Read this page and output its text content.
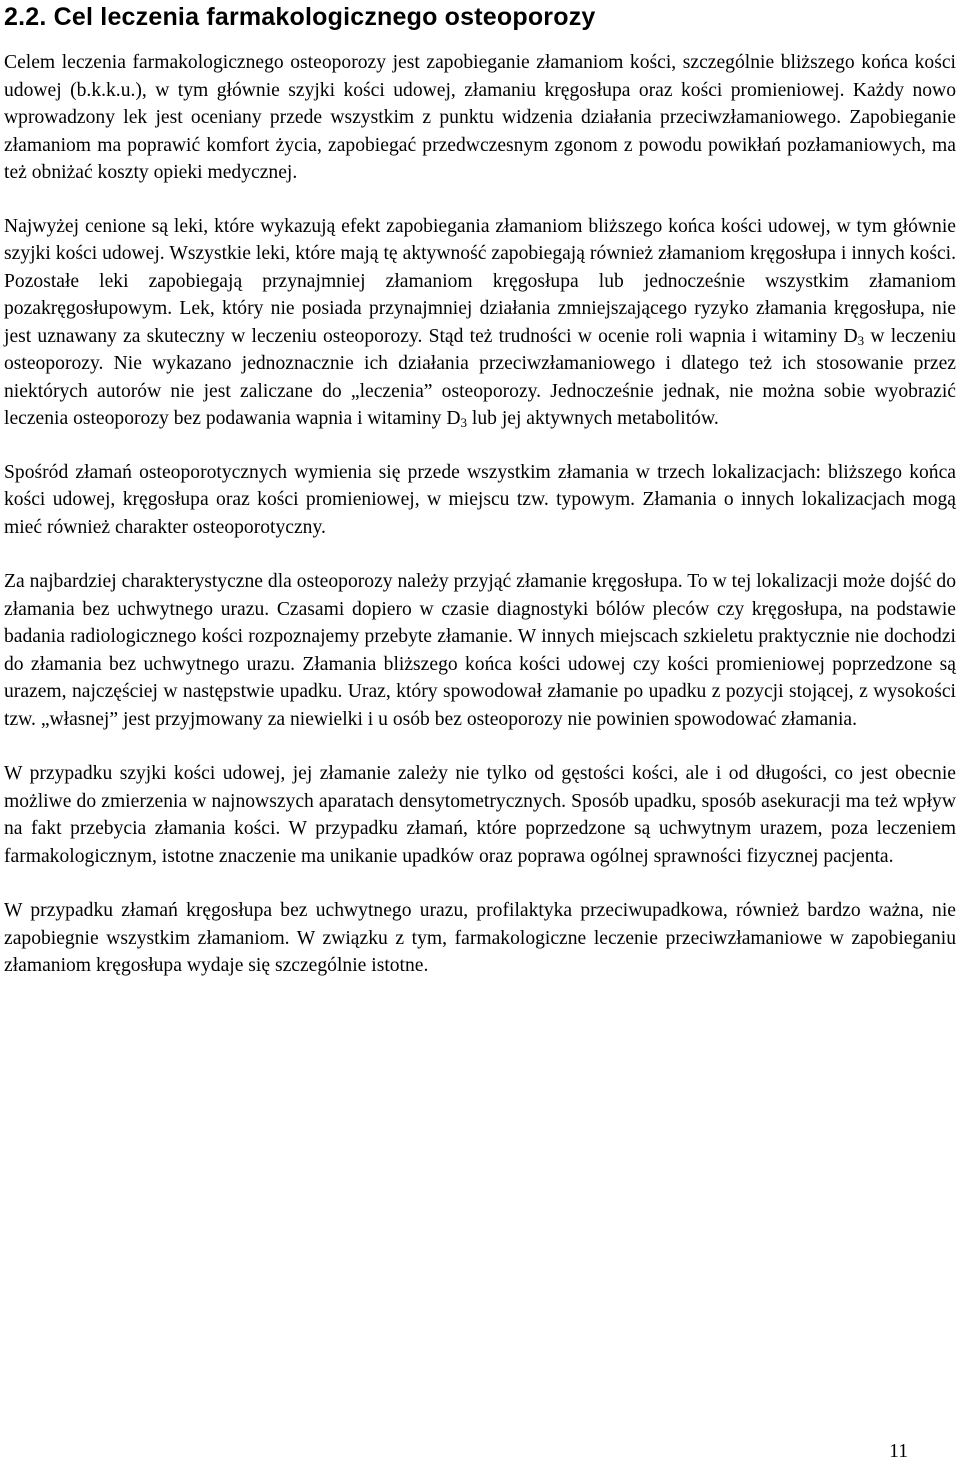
2.2. Cel leczenia farmakologicznego osteoporozy

Celem leczenia farmakologicznego osteoporozy jest zapobieganie złamaniom kości, szczególnie bliższego końca kości udowej (b.k.k.u.), w tym głównie szyjki kości udowej, złamaniu kręgosłupa oraz kości promieniowej. Każdy nowo wprowadzony lek jest oceniany przede wszystkim z punktu widzenia działania przeciwzłamaniowego. Zapobieganie złamaniom ma poprawić komfort życia, zapobiegać przedwczesnym zgonom z powodu powikłań pozłamaniowych, ma też obniżać koszty opieki medycznej.

Najwyżej cenione są leki, które wykazują efekt zapobiegania złamaniom bliższego końca kości udowej, w tym głównie szyjki kości udowej. Wszystkie leki, które mają tę aktywność zapobiegają również złamaniom kręgosłupa i innych kości. Pozostałe leki zapobiegają przynajmniej złamaniom kręgosłupa lub jednocześnie wszystkim złamaniom pozakręgosłupowym. Lek, który nie posiada przynajmniej działania zmniejszającego ryzyko złamania kręgosłupa, nie jest uznawany za skuteczny w leczeniu osteoporozy. Stąd też trudności w ocenie roli wapnia i witaminy $D_3$ w leczeniu osteoporozy. Nie wykazano jednoznacznie ich działania przeciwzłamaniowego i dlatego też ich stosowanie przez niektórych autorów nie jest zaliczane do „leczenia” osteoporozy. Jednocześnie jednak, nie można sobie wyobrazić leczenia osteoporozy bez podawania wapnia i witaminy $D_3$ lub jej aktywnych metabolitów.

Spośród złamań osteoporotycznych wymienia się przede wszystkim złamania w trzech lokalizacjach: bliższego końca kości udowej, kręgosłupa oraz kości promieniowej, w miejscu tzw. typowym. Złamania o innych lokalizacjach mogą mieć również charakter osteoporotyczny.

Za najbardziej charakterystyczne dla osteoporozy należy przyjąć złamanie kręgosłupa. To w tej lokalizacji może dojść do złamania bez uchwytnego urazu. Czasami dopiero w czasie diagnostyki bólów pleców czy kręgosłupa, na podstawie badania radiologicznego kości rozpoznajemy przebyte złamanie. W innych miejscach szkieletu praktycznie nie dochodzi do złamania bez uchwytnego urazu. Złamania bliższego końca kości udowej czy kości promieniowej poprzedzone są urazem, najczęściej w następstwie upadku. Uraz, który spowodował złamanie po upadku z pozycji stojącej, z wysokości tzw. „własnej” jest przyjmowany za niewielki i u osób bez osteoporozy nie powinien spowodować złamania.

W przypadku szyjki kości udowej, jej złamanie zależy nie tylko od gęstości kości, ale i od długości, co jest obecnie możliwe do zmierzenia w najnowszych aparatach densytometrycznych. Sposób upadku, sposób asekuracji ma też wpływ na fakt przebycia złamania kości. W przypadku złamań, które poprzedzone są uchwytnym urazem, poza leczeniem farmakologicznym, istotne znaczenie ma unikanie upadków oraz poprawa ogólnej sprawności fizycznej pacjenta.

W przypadku złamań kręgosłupa bez uchwytnego urazu, profilaktyka przeciwupadkowa, również bardzo ważna, nie zapobiegnie wszystkim złamaniom. W związku z tym, farmakologiczne leczenie przeciwzłamaniowe w zapobieganiu złamaniom kręgosłupa wydaje się szczególnie istotne.

11
